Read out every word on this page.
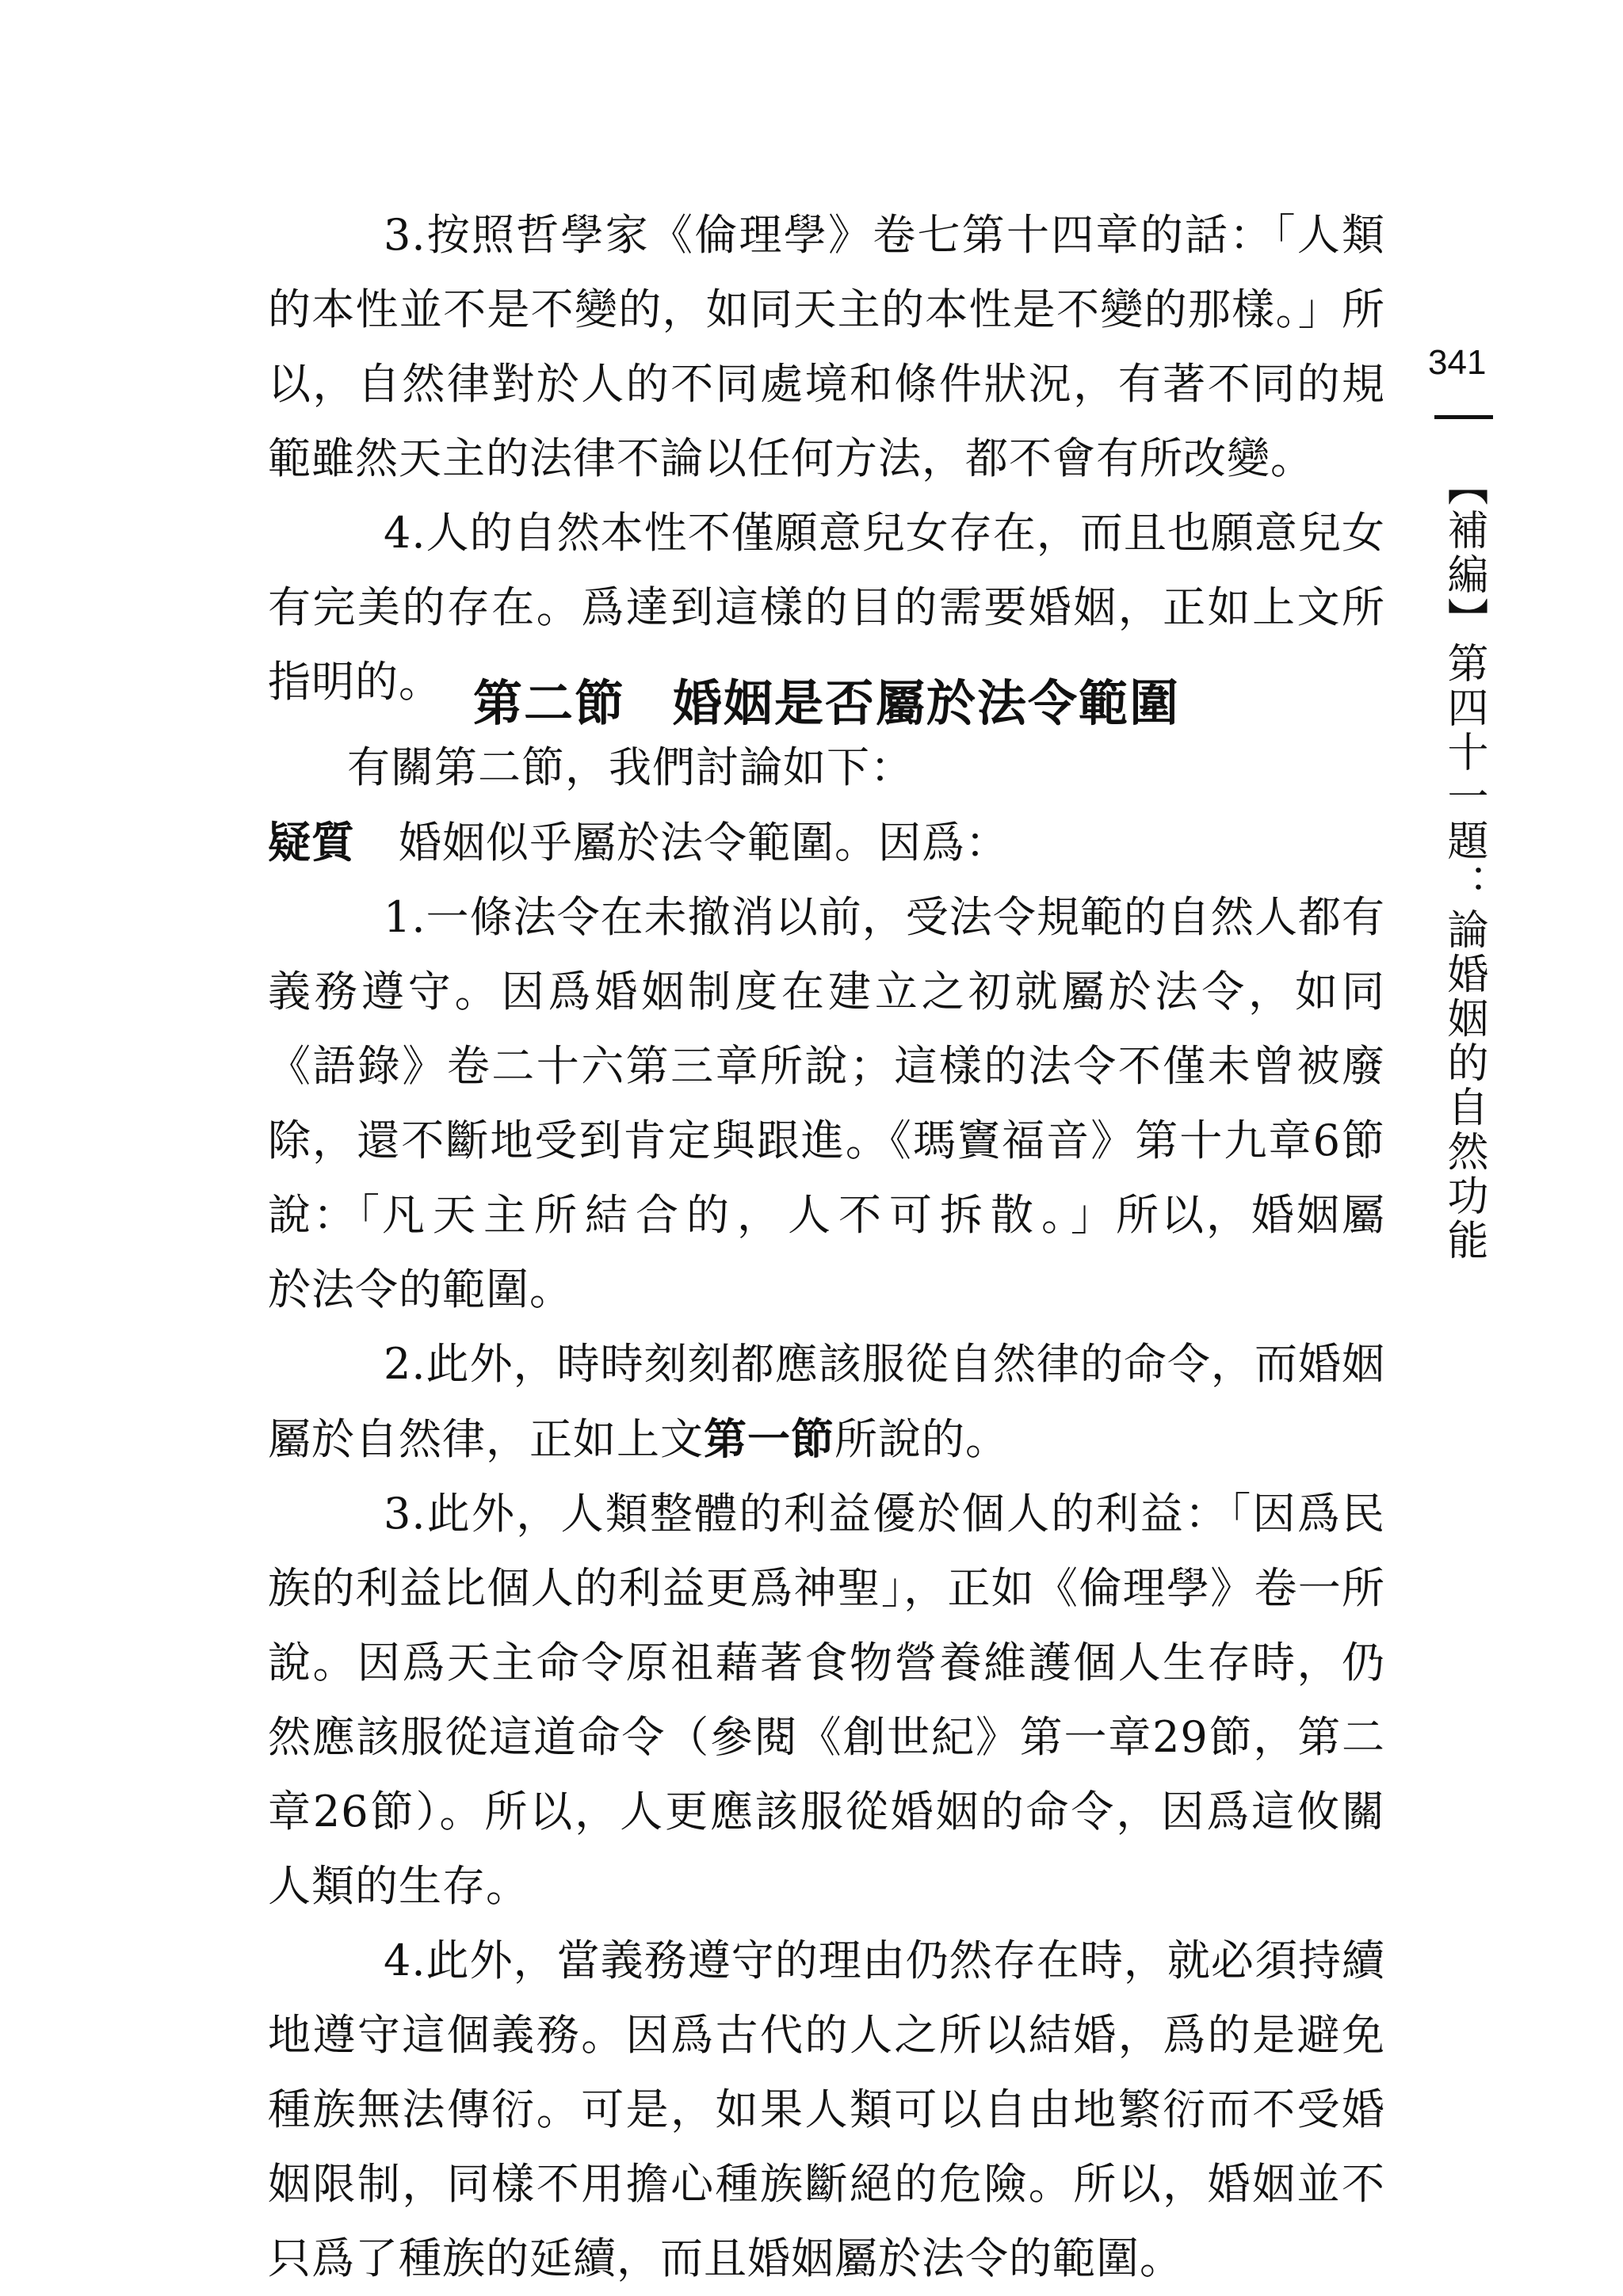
3.按照哲學家《倫理學》卷七第十四章的話：「人類的本性並不是不變的，如同天主的本性是不變的那樣。」所以，自然律對於人的不同處境和條件狀況，有著不同的規範雖然天主的法律不論以任何方法，都不會有所改變。

4.人的自然本性不僅願意兒女存在，而且也願意兒女有完美的存在。爲達到這樣的目的需要婚姻，正如上文所指明的。 第二節 婚姻是否屬於法令範圍

有關第二節，我們討論如下：

疑質　 婚姻似乎屬於法令範圍。因爲：

1.一條法令在未撤消以前，受法令規範的自然人都有義務遵守。因爲婚姻制度在建立之初就屬於法令，如同《語錄》卷二十六第三章所說；這樣的法令不僅未曾被廢除，還不斷地受到肯定與跟進。《瑪竇福音》第十九章6節說：「凡天主所結合的，人不可拆散。」所以，婚姻屬於法令的範圍。

2.此外，時時刻刻都應該服從自然律的命令，而婚姻屬於自然律，正如上文第一節所說的。

3.此外，人類整體的利益優於個人的利益：「因爲民族的利益比個人的利益更爲神聖」，正如《倫理學》卷一所說。因爲天主命令原祖藉著食物營養維護個人生存時，仍然應該服從這道命令（參閱《創世紀》第一章29節，第二章26節）。所以，人更應該服從婚姻的命令，因爲這攸關人類的生存。

4.此外，當義務遵守的理由仍然存在時，就必須持續地遵守這個義務。因爲古代的人之所以結婚，爲的是避免種族無法傳衍。可是，如果人類可以自由地繁衍而不受婚姻限制，同樣不用擔心種族斷絕的危險。所以，婚姻並不只爲了種族的延續，而且婚姻屬於法令的範圍。

341
【補編】第四十一題：論婚姻的自然功能
